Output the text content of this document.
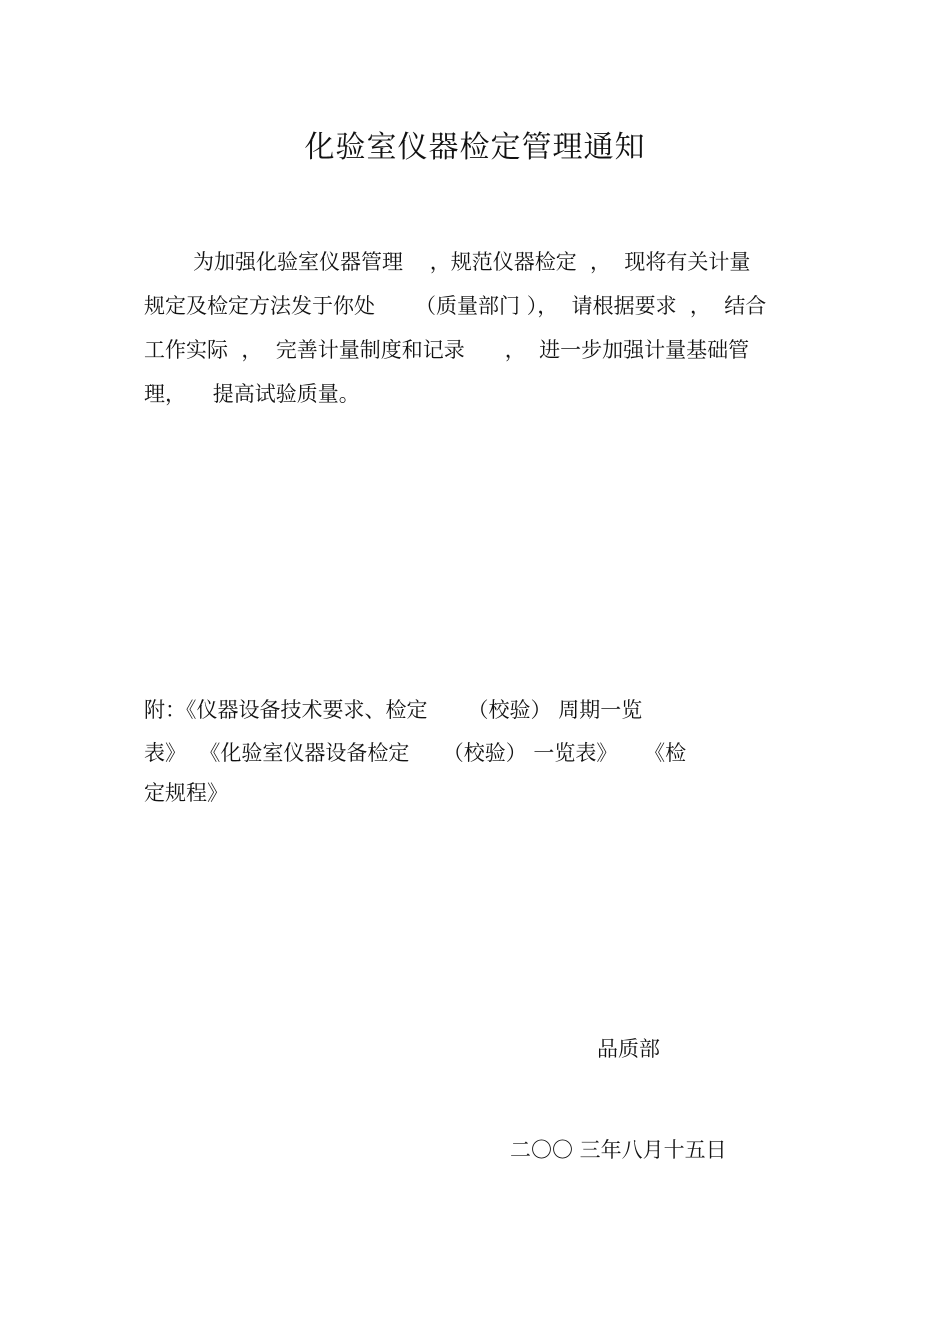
化验室仪器检定管理通知

为加强化验室仪器管理    ，规范仪器检定  ，  现将有关计量

规定及检定方法发于你处      （质量部门 ），  请根据要求  ，  结合

工作实际  ，  完善计量制度和记录      ，  进一步加强计量基础管

理，    提高试验质量。

附：《仪器设备技术要求、检定      （校验） 周期一览

表》  《化验室仪器设备检定     （校验） 一览表》    《检

定规程》

品质部

二〇〇 三年八月十五日
